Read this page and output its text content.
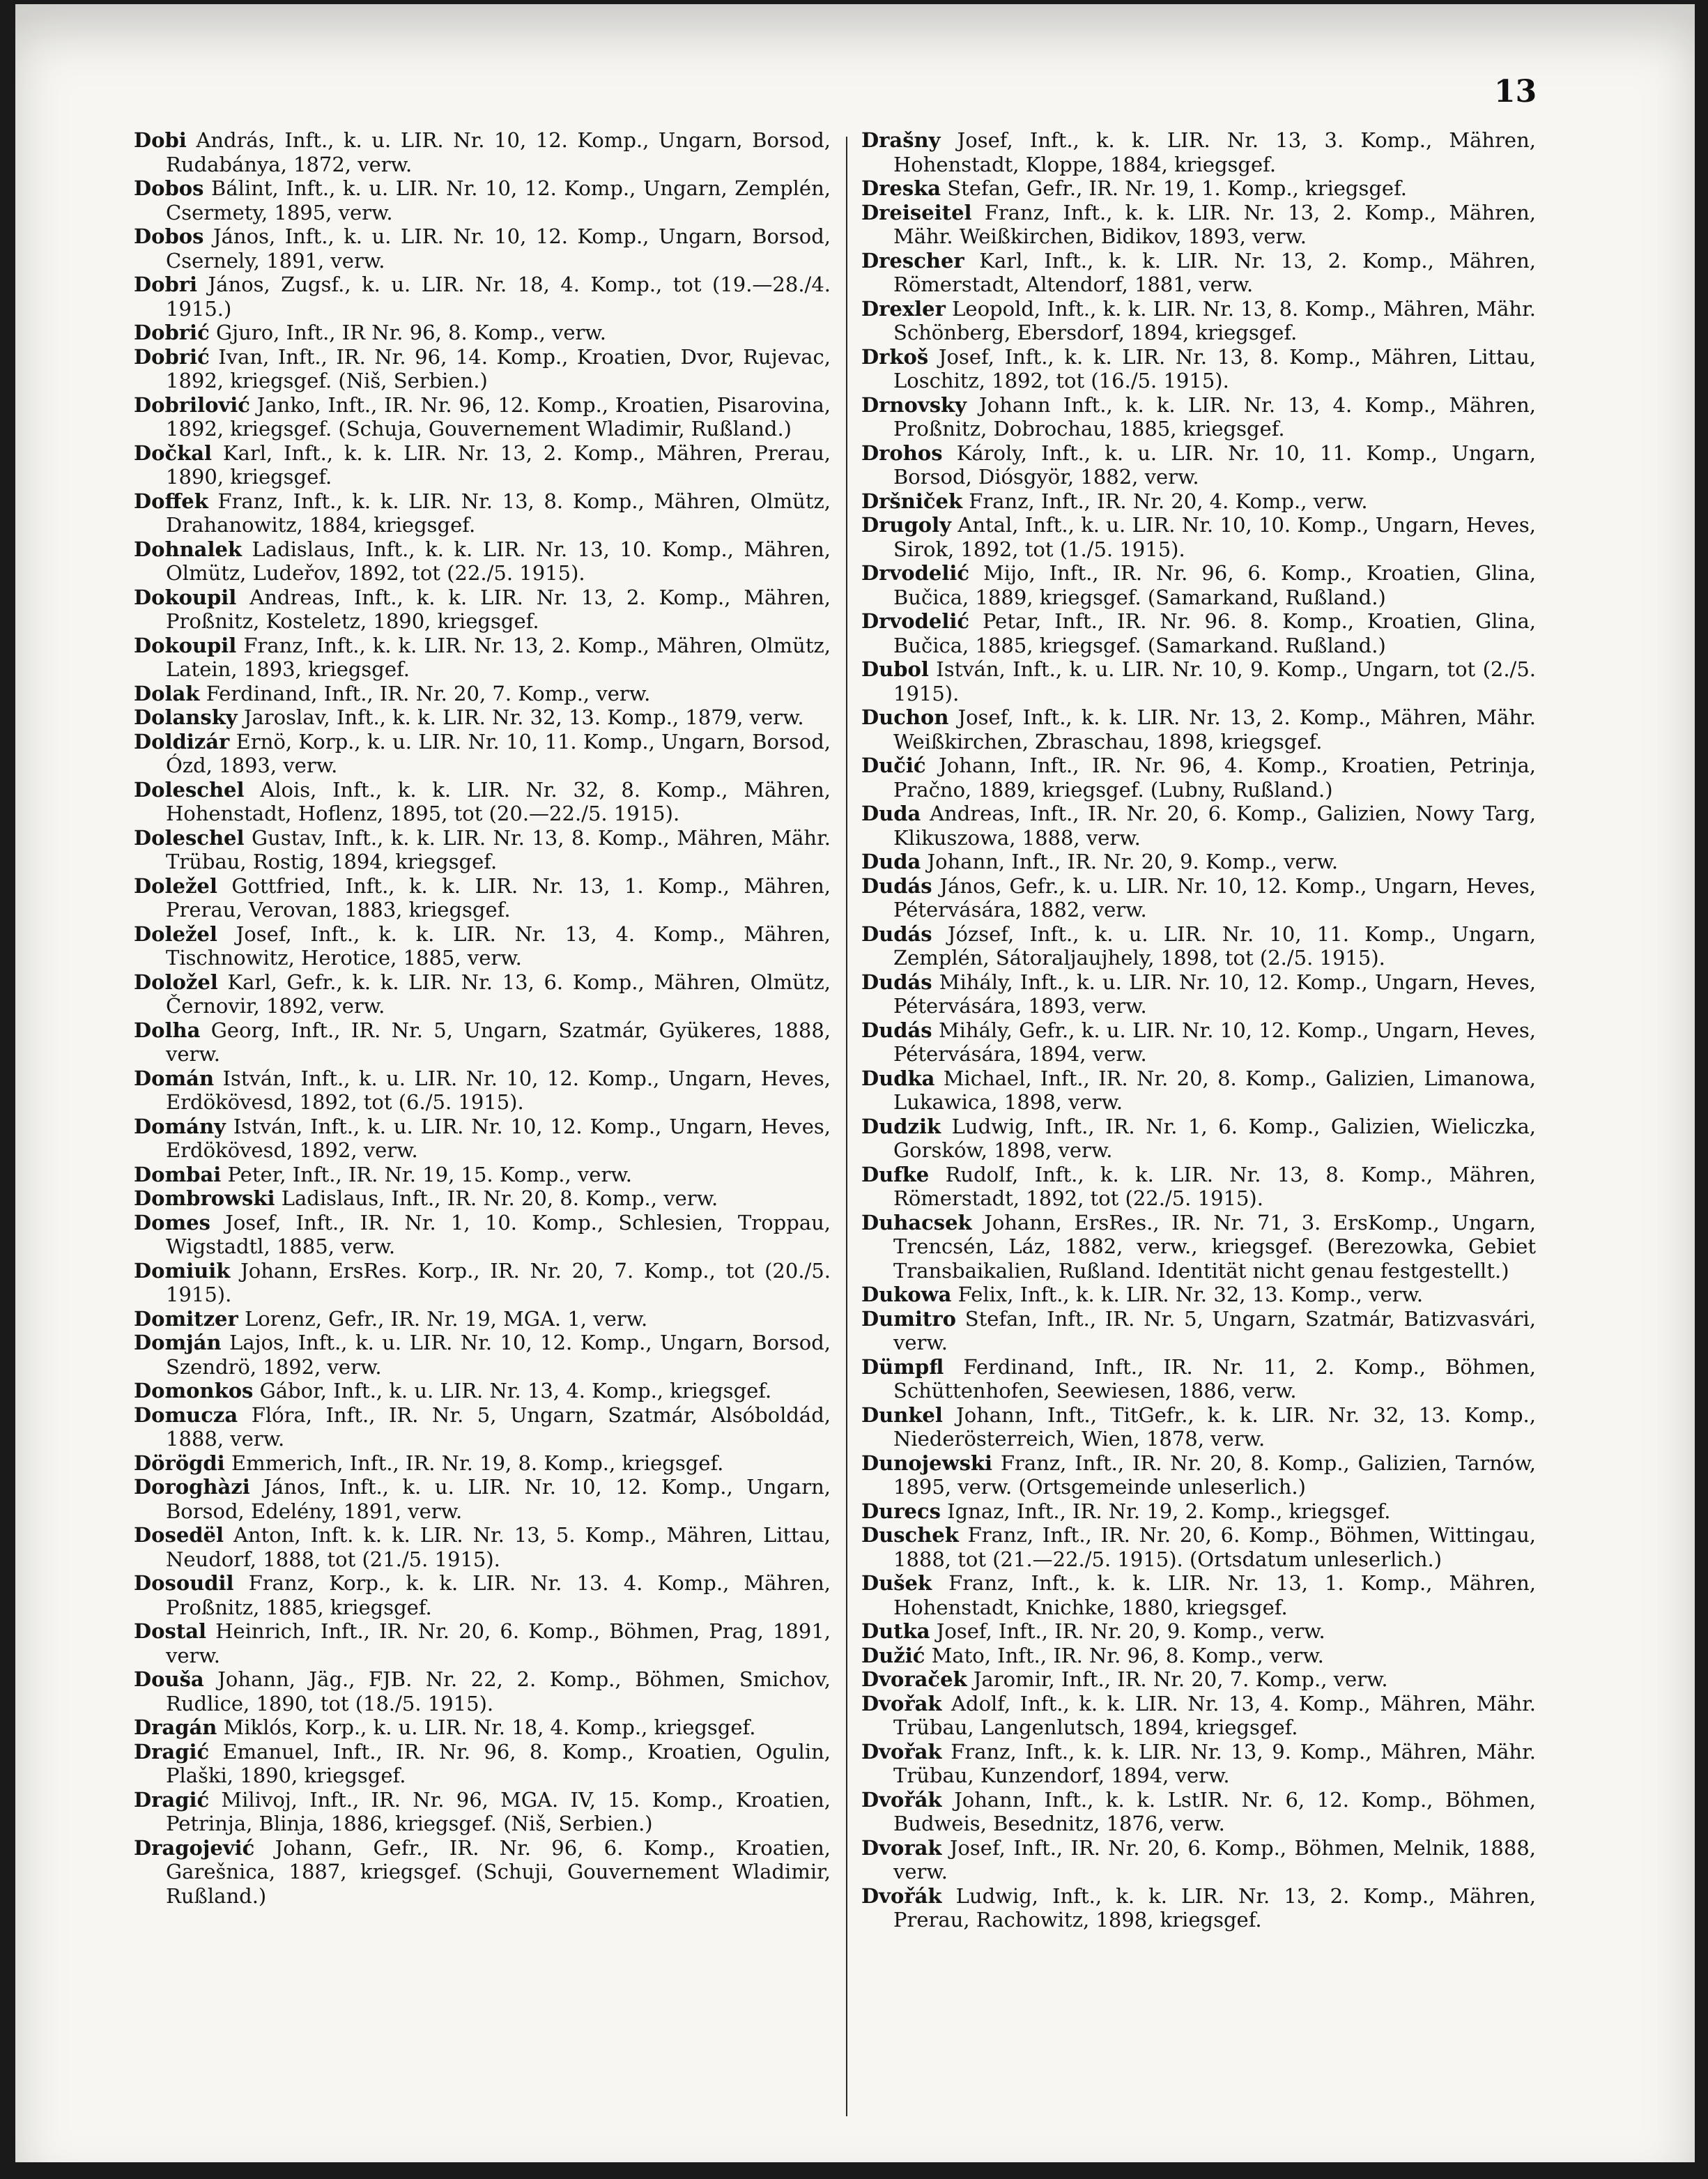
13

Dobi András, Inft., k. u. LIR. Nr. 10, 12. Komp., Ungarn, Borsod, Rudabánya, 1872, verw.

Dobos Bálint, Inft., k. u. LIR. Nr. 10, 12. Komp., Ungarn, Zemplén, Csermety, 1895, verw.

Dobos János, Inft., k. u. LIR. Nr. 10, 12. Komp., Ungarn, Borsod, Csernely, 1891, verw.

Dobri János, Zugsf., k. u. LIR. Nr. 18, 4. Komp., tot (19.—28./4. 1915.)

Dobrić Gjuro, Inft., IR Nr. 96, 8. Komp., verw.

Dobrić Ivan, Inft., IR. Nr. 96, 14. Komp., Kroatien, Dvor, Rujevac, 1892, kriegsgef. (Niš, Serbien.)

Dobrilović Janko, Inft., IR. Nr. 96, 12. Komp., Kroatien, Pisarovina, 1892, kriegsgef. (Schuja, Gouvernement Wladimir, Rußland.)

Dočkal Karl, Inft., k. k. LIR. Nr. 13, 2. Komp., Mähren, Prerau, 1890, kriegsgef.

Doffek Franz, Inft., k. k. LIR. Nr. 13, 8. Komp., Mähren, Olmütz, Drahanowitz, 1884, kriegsgef.

Dohnalek Ladislaus, Inft., k. k. LIR. Nr. 13, 10. Komp., Mähren, Olmütz, Ludeřov, 1892, tot (22./5. 1915).

Dokoupil Andreas, Inft., k. k. LIR. Nr. 13, 2. Komp., Mähren, Proßnitz, Kosteletz, 1890, kriegsgef.

Dokoupil Franz, Inft., k. k. LIR. Nr. 13, 2. Komp., Mähren, Olmütz, Latein, 1893, kriegsgef.

Dolak Ferdinand, Inft., IR. Nr. 20, 7. Komp., verw.

Dolansky Jaroslav, Inft., k. k. LIR. Nr. 32, 13. Komp., 1879, verw.

Doldizár Ernö, Korp., k. u. LIR. Nr. 10, 11. Komp., Ungarn, Borsod, Ózd, 1893, verw.

Doleschel Alois, Inft., k. k. LIR. Nr. 32, 8. Komp., Mähren, Hohenstadt, Hoflenz, 1895, tot (20.—22./5. 1915).

Doleschel Gustav, Inft., k. k. LIR. Nr. 13, 8. Komp., Mähren, Mähr. Trübau, Rostig, 1894, kriegsgef.

Doležel Gottfried, Inft., k. k. LIR. Nr. 13, 1. Komp., Mähren, Prerau, Verovan, 1883, kriegsgef.

Doležel Josef, Inft., k. k. LIR. Nr. 13, 4. Komp., Mähren, Tischnowitz, Herotice, 1885, verw.

Doložel Karl, Gefr., k. k. LIR. Nr. 13, 6. Komp., Mähren, Olmütz, Černovir, 1892, verw.

Dolha Georg, Inft., IR. Nr. 5, Ungarn, Szatmár, Gyükeres, 1888, verw.

Domán István, Inft., k. u. LIR. Nr. 10, 12. Komp., Ungarn, Heves, Erdökövesd, 1892, tot (6./5. 1915).

Domány István, Inft., k. u. LIR. Nr. 10, 12. Komp., Ungarn, Heves, Erdökövesd, 1892, verw.

Dombai Peter, Inft., IR. Nr. 19, 15. Komp., verw.

Dombrowski Ladislaus, Inft., IR. Nr. 20, 8. Komp., verw.

Domes Josef, Inft., IR. Nr. 1, 10. Komp., Schlesien, Troppau, Wigstadtl, 1885, verw.

Domiuik Johann, ErsRes. Korp., IR. Nr. 20, 7. Komp., tot (20./5. 1915).

Domitzer Lorenz, Gefr., IR. Nr. 19, MGA. 1, verw.

Domján Lajos, Inft., k. u. LIR. Nr. 10, 12. Komp., Ungarn, Borsod, Szendrö, 1892, verw.

Domonkos Gábor, Inft., k. u. LIR. Nr. 13, 4. Komp., kriegsgef.

Domucza Flóra, Inft., IR. Nr. 5, Ungarn, Szatmár, Alsóboldád, 1888, verw.

Dörögdi Emmerich, Inft., IR. Nr. 19, 8. Komp., kriegsgef.

Doroghàzi János, Inft., k. u. LIR. Nr. 10, 12. Komp., Ungarn, Borsod, Edelény, 1891, verw.

Dosedël Anton, Inft. k. k. LIR. Nr. 13, 5. Komp., Mähren, Littau, Neudorf, 1888, tot (21./5. 1915).

Dosoudil Franz, Korp., k. k. LIR. Nr. 13. 4. Komp., Mähren, Proßnitz, 1885, kriegsgef.

Dostal Heinrich, Inft., IR. Nr. 20, 6. Komp., Böhmen, Prag, 1891, verw.

Douša Johann, Jäg., FJB. Nr. 22, 2. Komp., Böhmen, Smichov, Rudlice, 1890, tot (18./5. 1915).

Dragán Miklós, Korp., k. u. LIR. Nr. 18, 4. Komp., kriegsgef.

Dragić Emanuel, Inft., IR. Nr. 96, 8. Komp., Kroatien, Ogulin, Plaški, 1890, kriegsgef.

Dragić Milivoj, Inft., IR. Nr. 96, MGA. IV, 15. Komp., Kroatien, Petrinja, Blinja, 1886, kriegsgef. (Niš, Serbien.)

Dragojević Johann, Gefr., IR. Nr. 96, 6. Komp., Kroatien, Garešnica, 1887, kriegsgef. (Schuji, Gouvernement Wladimir, Rußland.)

Drašny Josef, Inft., k. k. LIR. Nr. 13, 3. Komp., Mähren, Hohenstadt, Kloppe, 1884, kriegsgef.

Dreska Stefan, Gefr., IR. Nr. 19, 1. Komp., kriegsgef.

Dreiseitel Franz, Inft., k. k. LIR. Nr. 13, 2. Komp., Mähren, Mähr. Weißkirchen, Bidikov, 1893, verw.

Drescher Karl, Inft., k. k. LIR. Nr. 13, 2. Komp., Mähren, Römerstadt, Altendorf, 1881, verw.

Drexler Leopold, Inft., k. k. LIR. Nr. 13, 8. Komp., Mähren, Mähr. Schönberg, Ebersdorf, 1894, kriegsgef.

Drkoš Josef, Inft., k. k. LIR. Nr. 13, 8. Komp., Mähren, Littau, Loschitz, 1892, tot (16./5. 1915).

Drnovsky Johann Inft., k. k. LIR. Nr. 13, 4. Komp., Mähren, Proßnitz, Dobrochau, 1885, kriegsgef.

Drohos Károly, Inft., k. u. LIR. Nr. 10, 11. Komp., Ungarn, Borsod, Diósgyör, 1882, verw.

Dršniček Franz, Inft., IR. Nr. 20, 4. Komp., verw.

Drugoly Antal, Inft., k. u. LIR. Nr. 10, 10. Komp., Ungarn, Heves, Sirok, 1892, tot (1./5. 1915).

Drvodelić Mijo, Inft., IR. Nr. 96, 6. Komp., Kroatien, Glina, Bučica, 1889, kriegsgef. (Samarkand, Rußland.)

Drvodelić Petar, Inft., IR. Nr. 96. 8. Komp., Kroatien, Glina, Bučica, 1885, kriegsgef. (Samarkand. Rußland.)

Dubol István, Inft., k. u. LIR. Nr. 10, 9. Komp., Ungarn, tot (2./5. 1915).

Duchon Josef, Inft., k. k. LIR. Nr. 13, 2. Komp., Mähren, Mähr. Weißkirchen, Zbraschau, 1898, kriegsgef.

Dučić Johann, Inft., IR. Nr. 96, 4. Komp., Kroatien, Petrinja, Pračno, 1889, kriegsgef. (Lubny, Rußland.)

Duda Andreas, Inft., IR. Nr. 20, 6. Komp., Galizien, Nowy Targ, Klikuszowa, 1888, verw.

Duda Johann, Inft., IR. Nr. 20, 9. Komp., verw.

Dudás János, Gefr., k. u. LIR. Nr. 10, 12. Komp., Ungarn, Heves, Pétervására, 1882, verw.

Dudás József, Inft., k. u. LIR. Nr. 10, 11. Komp., Ungarn, Zemplén, Sátoraljaujhely, 1898, tot (2./5. 1915).

Dudás Mihály, Inft., k. u. LIR. Nr. 10, 12. Komp., Ungarn, Heves, Pétervására, 1893, verw.

Dudás Mihály, Gefr., k. u. LIR. Nr. 10, 12. Komp., Ungarn, Heves, Pétervására, 1894, verw.

Dudka Michael, Inft., IR. Nr. 20, 8. Komp., Galizien, Limanowa, Lukawica, 1898, verw.

Dudzik Ludwig, Inft., IR. Nr. 1, 6. Komp., Galizien, Wieliczka, Gorsków, 1898, verw.

Dufke Rudolf, Inft., k. k. LIR. Nr. 13, 8. Komp., Mähren, Römerstadt, 1892, tot (22./5. 1915).

Duhacsek Johann, ErsRes., IR. Nr. 71, 3. ErsKomp., Ungarn, Trencsén, Láz, 1882, verw., kriegsgef. (Berezowka, Gebiet Transbaikalien, Rußland. Identität nicht genau festgestellt.)

Dukowa Felix, Inft., k. k. LIR. Nr. 32, 13. Komp., verw.

Dumitro Stefan, Inft., IR. Nr. 5, Ungarn, Szatmár, Batizvasvári, verw.

Dümpfl Ferdinand, Inft., IR. Nr. 11, 2. Komp., Böhmen, Schüttenhofen, Seewiesen, 1886, verw.

Dunkel Johann, Inft., TitGefr., k. k. LIR. Nr. 32, 13. Komp., Niederösterreich, Wien, 1878, verw.

Dunojewski Franz, Inft., IR. Nr. 20, 8. Komp., Galizien, Tarnów, 1895, verw. (Ortsgemeinde unleserlich.)

Durecs Ignaz, Inft., IR. Nr. 19, 2. Komp., kriegsgef.

Duschek Franz, Inft., IR. Nr. 20, 6. Komp., Böhmen, Wittingau, 1888, tot (21.—22./5. 1915). (Ortsdatum unleserlich.)

Dušek Franz, Inft., k. k. LIR. Nr. 13, 1. Komp., Mähren, Hohenstadt, Knichke, 1880, kriegsgef.

Dutka Josef, Inft., IR. Nr. 20, 9. Komp., verw.

Dužić Mato, Inft., IR. Nr. 96, 8. Komp., verw.

Dvoraček Jaromir, Inft., IR. Nr. 20, 7. Komp., verw.

Dvořak Adolf, Inft., k. k. LIR. Nr. 13, 4. Komp., Mähren, Mähr. Trübau, Langenlutsch, 1894, kriegsgef.

Dvořak Franz, Inft., k. k. LIR. Nr. 13, 9. Komp., Mähren, Mähr. Trübau, Kunzendorf, 1894, verw.

Dvořák Johann, Inft., k. k. LstIR. Nr. 6, 12. Komp., Böhmen, Budweis, Besednitz, 1876, verw.

Dvorak Josef, Inft., IR. Nr. 20, 6. Komp., Böhmen, Melnik, 1888, verw.

Dvořák Ludwig, Inft., k. k. LIR. Nr. 13, 2. Komp., Mähren, Prerau, Rachowitz, 1898, kriegsgef.
